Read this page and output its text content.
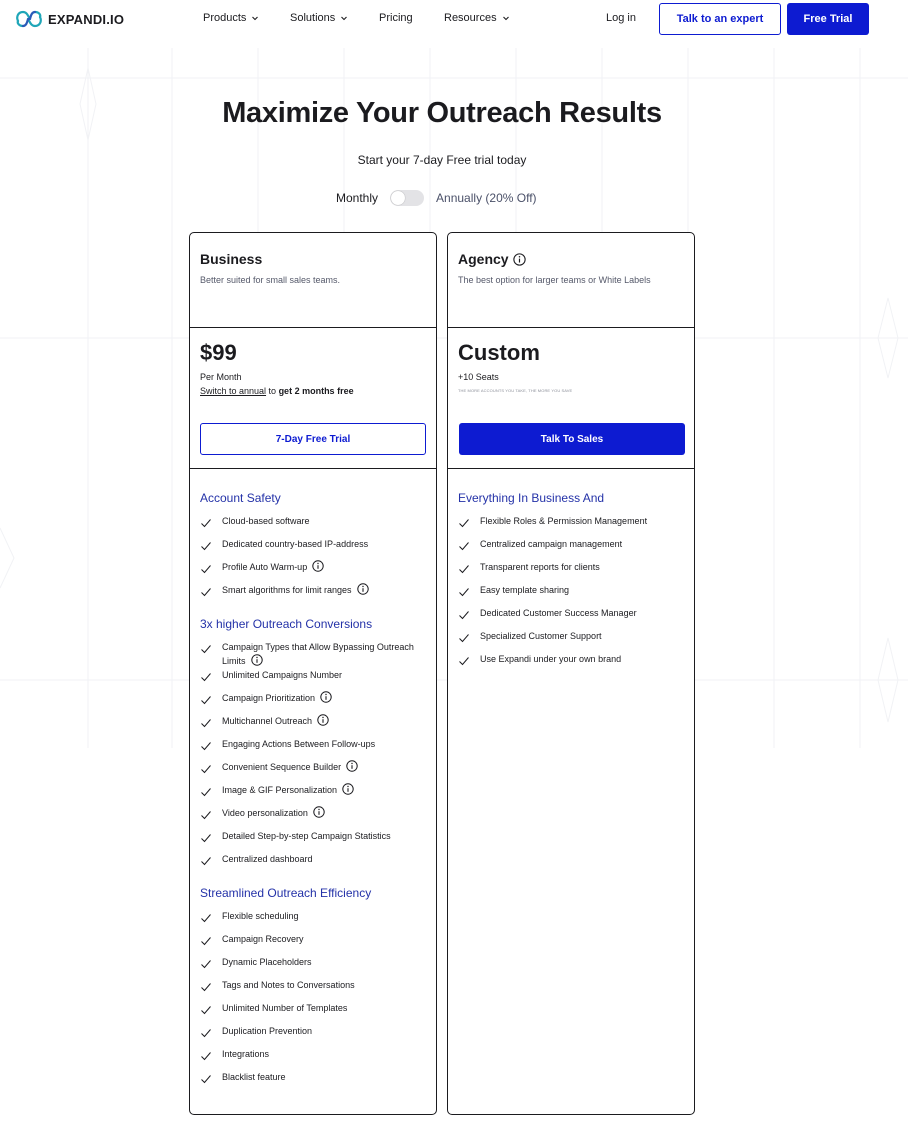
EXPANDI.IO	Products	Solutions	Pricing	Resources	Log in	Talk to an expert	Free Trial
Maximize Your Outreach Results
Start your 7-day Free trial today
Monthly	Annually (20% Off)
Business
Better suited for small sales teams.
$99
Per Month
Switch to annual to get 2 months free
7-Day Free Trial
Account Safety
Cloud-based software
Dedicated country-based IP-address
Profile Auto Warm-up
Smart algorithms for limit ranges
3x higher Outreach Conversions
Campaign Types that Allow Bypassing Outreach Limits
Unlimited Campaigns Number
Campaign Prioritization
Multichannel Outreach
Engaging Actions Between Follow-ups
Convenient Sequence Builder
Image & GIF Personalization
Video personalization
Detailed Step-by-step Campaign Statistics
Centralized dashboard
Streamlined Outreach Efficiency
Flexible scheduling
Campaign Recovery
Dynamic Placeholders
Tags and Notes to Conversations
Unlimited Number of Templates
Duplication Prevention
Integrations
Blacklist feature
Agency
The best option for larger teams or White Labels
Custom
+10 Seats
THE MORE ACCOUNTS YOU TAKE, THE MORE YOU SAVE
Talk To Sales
Everything In Business And
Flexible Roles & Permission Management
Centralized campaign management
Transparent reports for clients
Easy template sharing
Dedicated Customer Success Manager
Specialized Customer Support
Use Expandi under your own brand
